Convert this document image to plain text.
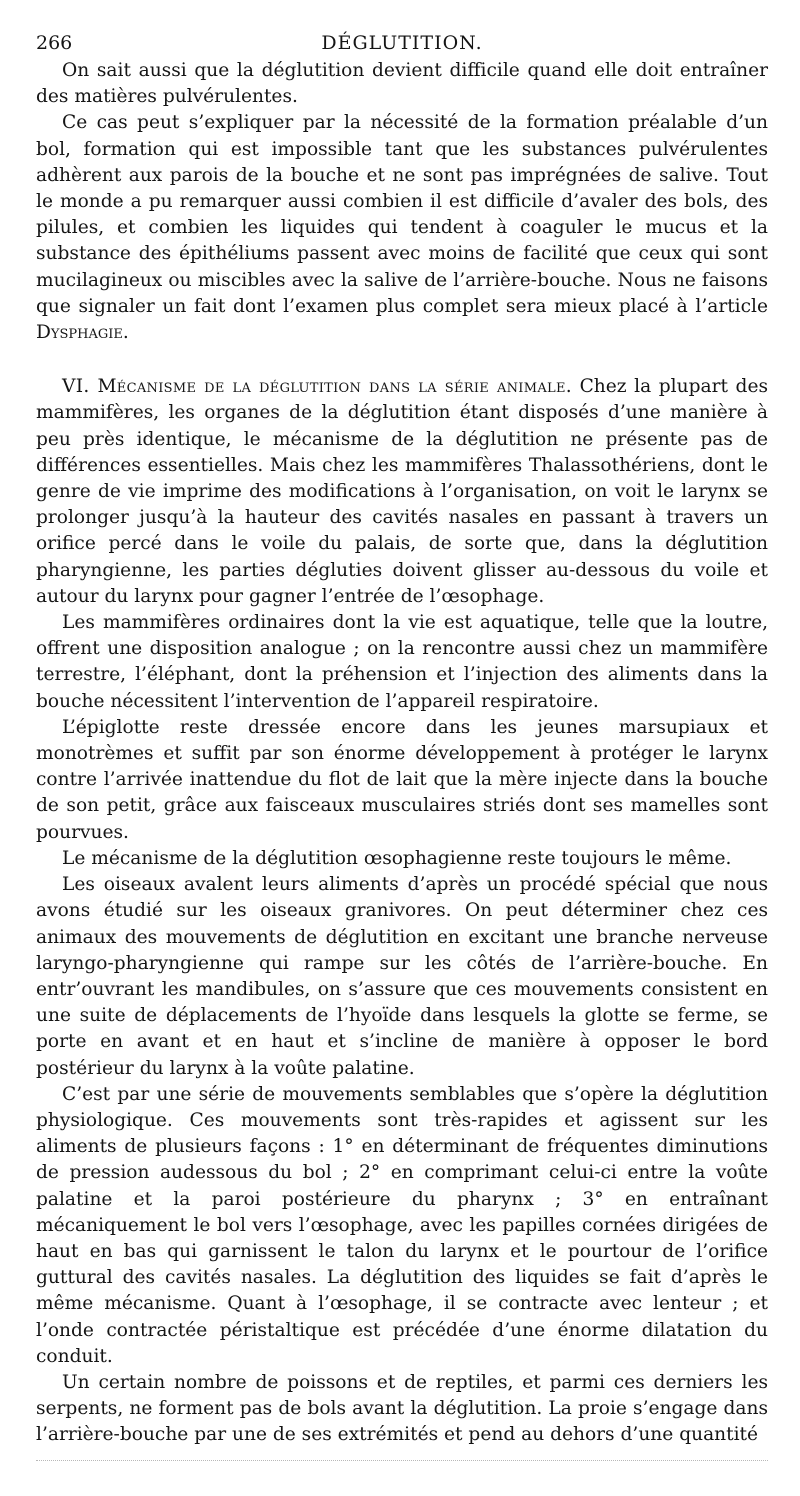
266	DÉGLUTITION.

On sait aussi que la déglutition devient difficile quand elle doit entraîner des matières pulvérulentes.

Ce cas peut s’expliquer par la nécessité de la formation préalable d’un bol, formation qui est impossible tant que les substances pulvérulentes adhèrent aux parois de la bouche et ne sont pas imprégnées de salive. Tout le monde a pu remarquer aussi combien il est difficile d’avaler des bols, des pilules, et combien les liquides qui tendent à coaguler le mucus et la substance des épithéliums passent avec moins de facilité que ceux qui sont mucilagineux ou miscibles avec la salive de l’arrière-bouche. Nous ne faisons que signaler un fait dont l’examen plus complet sera mieux placé à l’article Dysphagie.

VI. Mécanisme de la déglutition dans la série animale. Chez la plupart des mammifères, les organes de la déglutition étant disposés d’une manière à peu près identique, le mécanisme de la déglutition ne présente pas de différences essentielles. Mais chez les mammifères Thalassothériens, dont le genre de vie imprime des modifications à l’organisation, on voit le larynx se prolonger jusqu’à la hauteur des cavités nasales en passant à travers un orifice percé dans le voile du palais, de sorte que, dans la déglutition pharyngienne, les parties dégluties doivent glisser au-dessous du voile et autour du larynx pour gagner l’entrée de l’œsophage.

Les mammifères ordinaires dont la vie est aquatique, telle que la loutre, offrent une disposition analogue ; on la rencontre aussi chez un mammifère terrestre, l’éléphant, dont la préhension et l’injection des aliments dans la bouche nécessitent l’intervention de l’appareil respiratoire.

L’épiglotte reste dressée encore dans les jeunes marsupiaux et monotrèmes et suffit par son énorme développement à protéger le larynx contre l’arrivée inattendue du flot de lait que la mère injecte dans la bouche de son petit, grâce aux faisceaux musculaires striés dont ses mamelles sont pourvues.

Le mécanisme de la déglutition œsophagienne reste toujours le même.

Les oiseaux avalent leurs aliments d’après un procédé spécial que nous avons étudié sur les oiseaux granivores. On peut déterminer chez ces animaux des mouvements de déglutition en excitant une branche nerveuse laryngo-pharyngienne qui rampe sur les côtés de l’arrière-bouche. En entr’ouvrant les mandibules, on s’assure que ces mouvements consistent en une suite de déplacements de l’hyoïde dans lesquels la glotte se ferme, se porte en avant et en haut et s’incline de manière à opposer le bord postérieur du larynx à la voûte palatine.

C’est par une série de mouvements semblables que s’opère la déglutition physiologique. Ces mouvements sont très-rapides et agissent sur les aliments de plusieurs façons : 1° en déterminant de fréquentes diminutions de pression audessous du bol ; 2° en comprimant celui-ci entre la voûte palatine et la paroi postérieure du pharynx ; 3° en entraînant mécaniquement le bol vers l’œsophage, avec les papilles cornées dirigées de haut en bas qui garnissent le talon du larynx et le pourtour de l’orifice guttural des cavités nasales. La déglutition des liquides se fait d’après le même mécanisme. Quant à l’œsophage, il se contracte avec lenteur ; et l’onde contractée péristaltique est précédée d’une énorme dilatation du conduit.

Un certain nombre de poissons et de reptiles, et parmi ces derniers les serpents, ne forment pas de bols avant la déglutition. La proie s’engage dans l’arrière-bouche par une de ses extrémités et pend au dehors d’une quantité
